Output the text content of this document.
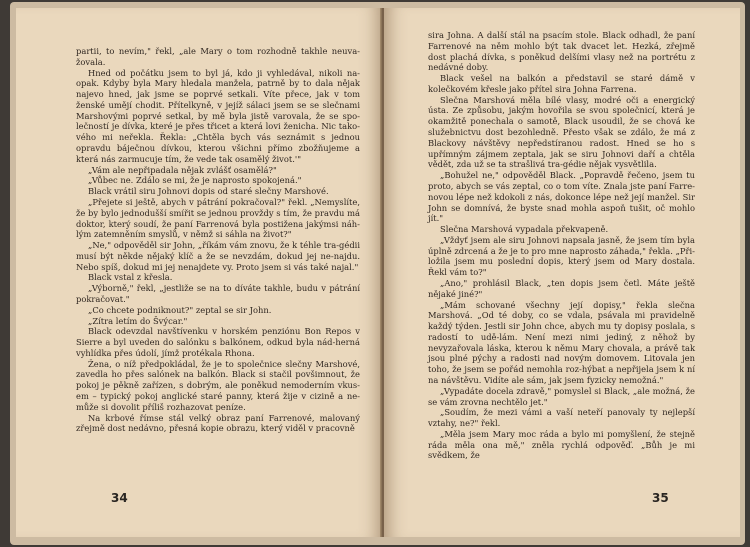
partii, to nevím," řekl, „ale Mary o tom rozhodně takhle neuva-žovala.

Hned od počátku jsem to byl já, kdo ji vyhledával, nikoli na-opak. Kdyby byla Mary hledala manžela, patrně by to dala nějak najevo hned, jak jsme se poprvé setkali. Víte přece, jak v tom ženské umějí chodit. Přítelkyně, v jejíž sálaci jsem se se slečnami Marshovými poprvé setkal, by mě byla jistě varovala, že se spo-lečností je dívka, které je přes třicet a která lovi ženicha. Nic tako-vého mi neřekla. Řekla: „Chtěla bych vás seznámit s jednou opravdu báječnou dívkou, kterou všichni přímo zbožňujeme a která nás zarmucuje tím, že vede tak osamělý život.'"

„Vám ale nepřipadala nějak zvlášť osamělá?"

„Vůbec ne. Zdálo se mi, že je naprosto spokojená."

Black vrátil siru Johnovi dopis od staré slečny Marshové.

„Přejete si ještě, abych v pátrání pokračoval?" řekl. „Nemyslíte, že by bylo jednodušší smířit se jednou provždy s tím, že pravdu má doktor, který soudí, že paní Farrenová byla postižena jakýmsi náh-lým zatemněním smyslů, v němž si sáhla na život?"

„Ne," odpověděl sir John, „říkám vám znovu, že k téhle tra-gédii musí být někde nějaký klíč a že se nevzdám, dokud jej ne-najdu. Nebo spíš, dokud mi jej nenajdete vy. Proto jsem si vás také najal."

Black vstal z křesla.

„Výborně," řekl, „jestliže se na to díváte takhle, budu v pátrání pokračovat."

„Co chcete podniknout?" zeptal se sir John.

„Zítra letím do Švýcar."

Black odevzdal navštívenku v horském penziónu Bon Repos v Sierre a byl uveden do salónku s balkónem, odkud byla nád-herná vyhlídka přes údolí, jímž protékala Rhona.

Žena, o níž předpokládal, že je to společnice slečny Marshové, zavedla ho přes salónek na balkón. Black si stačil povšimnout, že pokoj je pěkně zařízen, s dobrým, ale poněkud nemoderním vkus-em – typický pokoj anglické staré panny, která žije v cizině a ne-může si dovolit příliš rozhazovat peníze.

Na krbové římse stál velký obraz paní Farrenové, malovaný zřejmě dost nedávno, přesná kopie obrazu, který viděl v pracovně

34

sira Johna. A další stál na psacím stole. Black odhadl, že paní Farrenové na něm mohlo být tak dvacet let. Hezká, zřejmě dost plachá dívka, s poněkud delšími vlasy než na portrétu z nedávné doby.

Black vešel na balkón a představil se staré dámě v kolečkovém křesle jako přítel sira Johna Farrena.

Slečna Marshová měla bílé vlasy, modré oči a energický ústa. Ze způsobu, jakým hovořila se svou společnicí, která je okamžitě ponechala o samotě, Black usoudil, že se chová ke služebnictvu dost bezohledně. Přesto však se zdálo, že má z Blackovy návštěvy nepředstíranou radost. Hned se ho s upřímným zájmem zeptala, jak se siru Johnovi daří a chtěla vědět, zda už se ta strašlivá tra-gédie nějak vysvětlila.

„Bohužel ne," odpověděl Black. „Popravdě řečeno, jsem tu proto, abych se vás zeptal, co o tom víte. Znala jste paní Farre-novou lépe než kdokoli z nás, dokonce lépe než její manžel. Sir John se domnívá, že byste snad mohla aspoň tušit, oč mohlo jít."

Slečna Marshová vypadala překvapeně.

„Vždyť jsem ale siru Johnovi napsala jasně, že jsem tím byla úplně zdrcená a že je to pro mne naprosto záhada," řekla. „Při-ložila jsem mu poslední dopis, který jsem od Mary dostala. Řekl vám to?"

„Ano," prohlásil Black, „ten dopis jsem četl. Máte ještě nějaké jiné?"

„Mám schované všechny její dopisy," řekla slečna Marshová. „Od té doby, co se vdala, psávala mi pravidelně každý týden. Jestli sir John chce, abych mu ty dopisy poslala, s radostí to udě-lám. Není mezi nimi jediný, z něhož by nevyzařovala láska, kterou k němu Mary chovala, a právě tak jsou plné pýchy a radosti nad novým domovem. Litovala jen toho, že jsem se pořád nemohla roz-hýbat a nepřijela jsem k ní na návštěvu. Vidíte ale sám, jak jsem fyzicky nemožná."

„Vypadáte docela zdravě," pomyslel si Black, „ale možná, že se vám zrovna nechtělo jet."

„Soudím, že mezi vámi a vaší neteří panovaly ty nejlepší vztahy, ne?" řekl.

„Měla jsem Mary moc ráda a bylo mi pomyšlení, že stejně ráda měla ona mě," zněla rychlá odpověď. „Bůh je mi svědkem, že

35
